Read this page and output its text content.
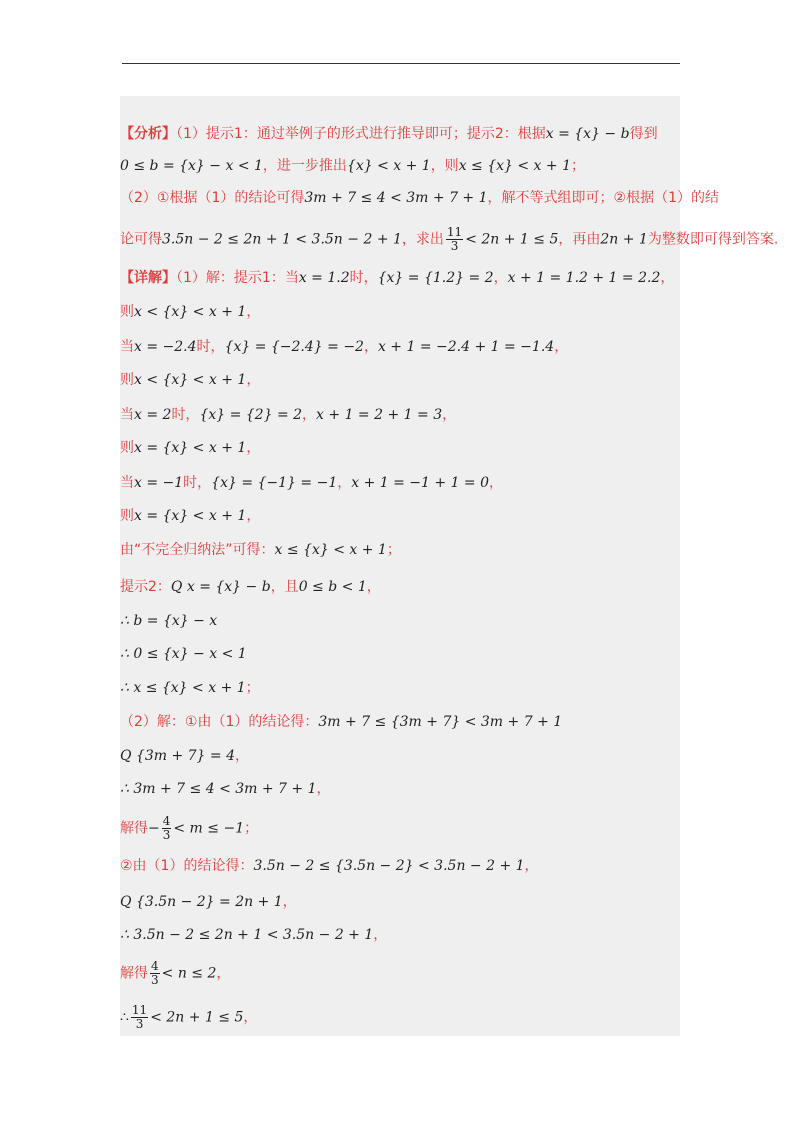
【分析】（1）提示1：通过举例子的形式进行推导即可；提示2：根据x = {x} − b得到
0 ≤ b = {x} − x < 1，进一步推出{x} < x + 1，则x ≤ {x} < x + 1；
（2）①根据（1）的结论可得3m + 7 ≤ 4 < 3m + 7 + 1，解不等式组即可；②根据（1）的结
论可得3.5n − 2 ≤ 2n + 1 < 3.5n − 2 + 1，求出 $\frac{11}{3} < 2n + 1 \le 5$，再由2n + 1为整数即可得到答案.
【详解】（1）解：提示1：当x = 1.2时，{x} = {1.2} = 2，x + 1 = 1.2 + 1 = 2.2，
则x < {x} < x + 1，
当x = −2.4时，{x} = {−2.4} = −2，x + 1 = −2.4 + 1 = −1.4，
则x < {x} < x + 1，
当x = 2时，{x} = {2} = 2，x + 1 = 2 + 1 = 3，
则x = {x} < x + 1，
当x = −1时，{x} = {−1} = −1，x + 1 = −1 + 1 = 0，
则x = {x} < x + 1，
由“不完全归纳法”可得：x ≤ {x} < x + 1；
提示2：Q x = {x} − b，且0 ≤ b < 1，
∴ b = {x} − x
∴ 0 ≤ {x} − x < 1
∴ x ≤ {x} < x + 1；
（2）解：①由（1）的结论得：3m + 7 ≤ {3m + 7} < 3m + 7 + 1
Q {3m + 7} = 4，
∴ 3m + 7 ≤ 4 < 3m + 7 + 1，
解得− $\frac{4}{3} < m \le -1$；
②由（1）的结论得：3.5n − 2 ≤ {3.5n − 2} < 3.5n − 2 + 1，
Q {3.5n − 2} = 2n + 1，
∴ 3.5n − 2 ≤ 2n + 1 < 3.5n − 2 + 1，
解得 $\frac{4}{3} < n \le 2$，
∴ $\frac{11}{3} < 2n + 1 \le 5$，
